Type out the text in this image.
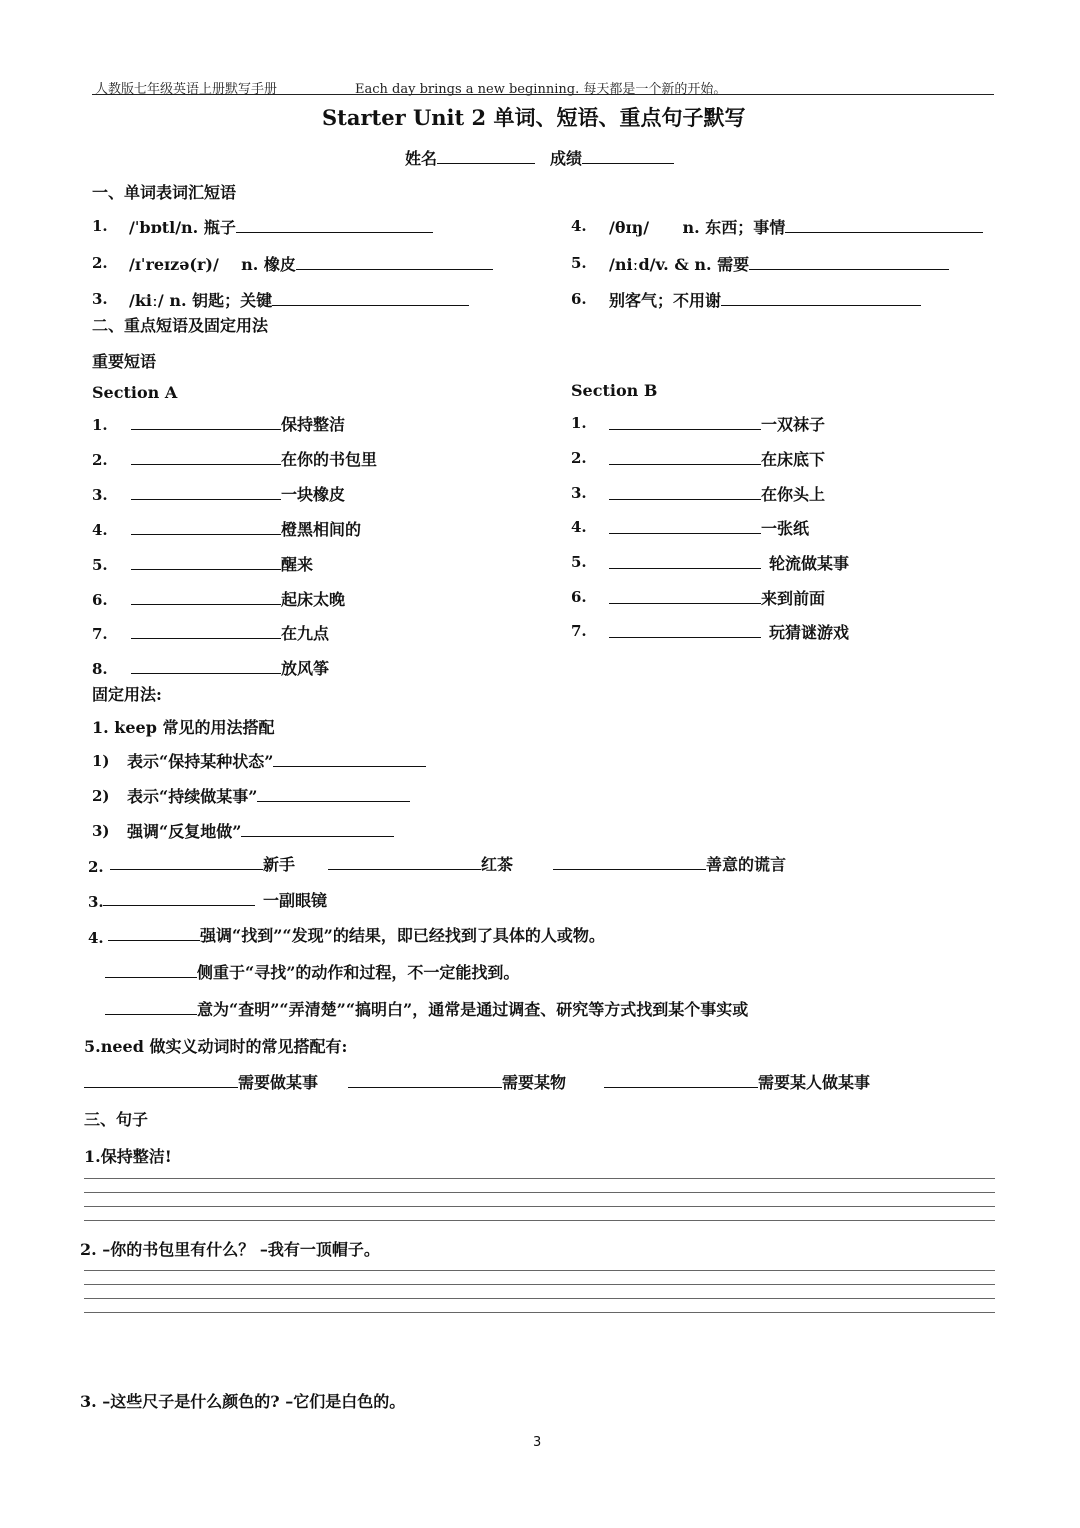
人教版七年级英语上册默写手册	Each day brings a new beginning. 每天都是一个新的开始。
Starter Unit 2 单词、短语、重点句子默写
姓名	成绩
一、单词表词汇短语
1. /ˈbɒtl/n. 瓶子
2. /ɪˈreɪzə(r)/    n. 橡皮
3. /kiː/ n. 钥匙；关键
4. /θɪŋ/      n. 东西；事情
5. /niːd/v. & n. 需要
6. 别客气；不用谢
二、重点短语及固定用法
重要短语
Section A	Section B
1.	保持整洁
2.	在你的书包里
3.	一块橡皮
4.	橙黑相间的
5.	醒来
6.	起床太晚
7.	在九点
8.	放风筝
1.	一双袜子
2.	在床底下
3.	在你头上
4.	一张纸
5.	轮流做某事
6.	来到前面
7.	玩猜谜游戏
固定用法:
1. keep 常见的用法搭配
1) 表示“保持某种状态”
2) 表示“持续做某事”
3) 强调“反复地做”
2.	新手	红茶	善意的谎言
3.	一副眼镜
4.	强调“找到”“发现”的结果，即已经找到了具体的人或物。
侧重于“寻找”的动作和过程，不一定能找到。
意为“查明”“弄清楚”“搞明白”，通常是通过调查、研究等方式找到某个事实或
5.need 做实义动词时的常见搭配有:
需要做某事	需要某物	需要某人做某事
三、句子
1.保持整洁!
2. –你的书包里有什么？ –我有一顶帽子。
3. –这些尺子是什么颜色的? –它们是白色的。
3
